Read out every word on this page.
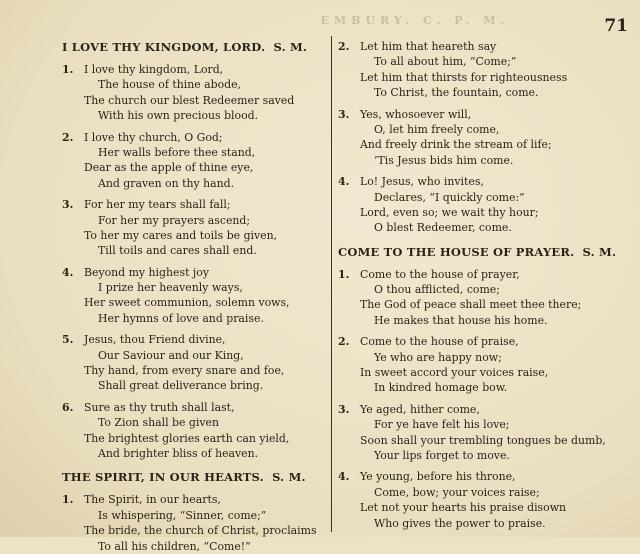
EMBURY. C. P. M.	71
I LOVE THY KINGDOM, LORD. S. M.
1. I love thy kingdom, Lord,
The house of thine abode,
The church our blest Redeemer saved
With his own precious blood.
2. I love thy church, O God;
Her walls before thee stand,
Dear as the apple of thine eye,
And graven on thy hand.
3. For her my tears shall fall;
For her my prayers ascend;
To her my cares and toils be given,
Till toils and cares shall end.
4. Beyond my highest joy
I prize her heavenly ways,
Her sweet communion, solemn vows,
Her hymns of love and praise.
5. Jesus, thou Friend divine,
Our Saviour and our King,
Thy hand, from every snare and foe,
Shall great deliverance bring.
6. Sure as thy truth shall last,
To Zion shall be given
The brightest glories earth can yield,
And brighter bliss of heaven.
THE SPIRIT, IN OUR HEARTS. S. M.
1. The Spirit, in our hearts,
Is whispering, “Sinner, come;”
The bride, the church of Christ, proclaims
To all his children, “Come!”
2. Let him that heareth say
To all about him, “Come;”
Let him that thirsts for righteousness
To Christ, the fountain, come.
3. Yes, whosoever will,
O, let him freely come,
And freely drink the stream of life;
’Tis Jesus bids him come.
4. Lo! Jesus, who invites,
Declares, “I quickly come:”
Lord, even so; we wait thy hour;
O blest Redeemer, come.
COME TO THE HOUSE OF PRAYER. S. M.
1. Come to the house of prayer,
O thou afflicted, come;
The God of peace shall meet thee there;
He makes that house his home.
2. Come to the house of praise,
Ye who are happy now;
In sweet accord your voices raise,
In kindred homage bow.
3. Ye aged, hither come,
For ye have felt his love;
Soon shall your trembling tongues be dumb,
Your lips forget to move.
4. Ye young, before his throne,
Come, bow; your voices raise;
Let not your hearts his praise disown
Who gives the power to praise.
